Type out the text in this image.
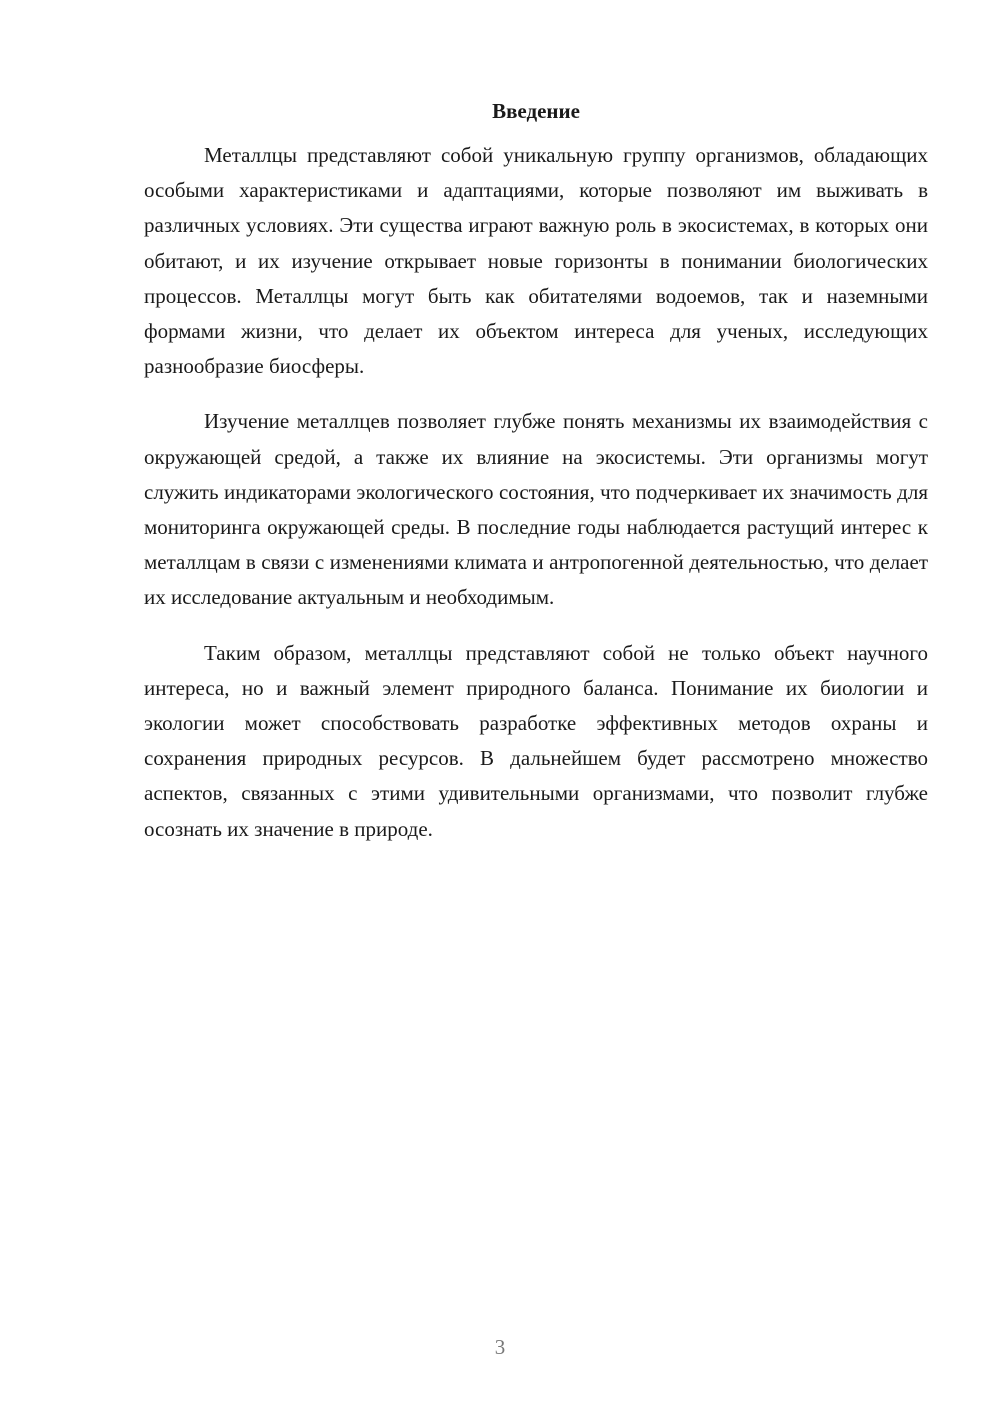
Введение

Металлцы представляют собой уникальную группу организмов, обладающих особыми характеристиками и адаптациями, которые позволяют им выживать в различных условиях. Эти существа играют важную роль в экосистемах, в которых они обитают, и их изучение открывает новые горизонты в понимании биологических процессов. Металлцы могут быть как обитателями водоемов, так и наземными формами жизни, что делает их объектом интереса для ученых, исследующих разнообразие биосферы.

Изучение металлцев позволяет глубже понять механизмы их взаимодействия с окружающей средой, а также их влияние на экосистемы. Эти организмы могут служить индикаторами экологического состояния, что подчеркивает их значимость для мониторинга окружающей среды. В последние годы наблюдается растущий интерес к металлцам в связи с изменениями климата и антропогенной деятельностью, что делает их исследование актуальным и необходимым.

Таким образом, металлцы представляют собой не только объект научного интереса, но и важный элемент природного баланса. Понимание их биологии и экологии может способствовать разработке эффективных методов охраны и сохранения природных ресурсов. В дальнейшем будет рассмотрено множество аспектов, связанных с этими удивительными организмами, что позволит глубже осознать их значение в природе.

3
